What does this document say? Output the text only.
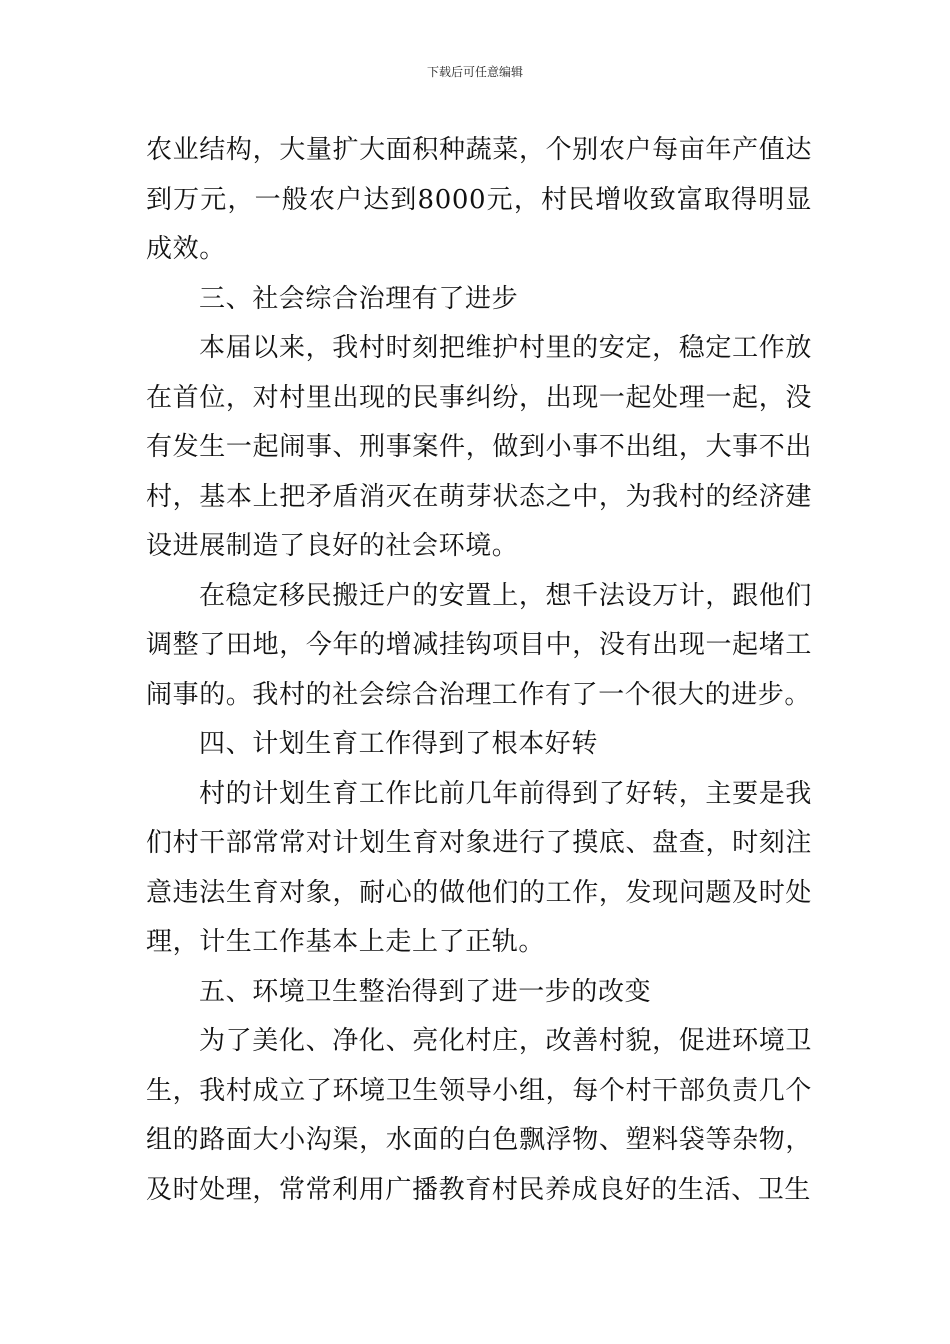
下载后可任意编辑

农业结构，大量扩大面积种蔬菜，个别农户每亩年产值达到万元，一般农户达到8000元，村民增收致富取得明显成效。

三、社会综合治理有了进步

本届以来，我村时刻把维护村里的安定，稳定工作放在首位，对村里出现的民事纠纷，出现一起处理一起，没有发生一起闹事、刑事案件，做到小事不出组，大事不出村，基本上把矛盾消灭在萌芽状态之中，为我村的经济建设进展制造了良好的社会环境。

在稳定移民搬迁户的安置上，想千法设万计，跟他们调整了田地，今年的增减挂钩项目中，没有出现一起堵工闹事的。我村的社会综合治理工作有了一个很大的进步。

四、计划生育工作得到了根本好转

村的计划生育工作比前几年前得到了好转，主要是我们村干部常常对计划生育对象进行了摸底、盘查，时刻注意违法生育对象，耐心的做他们的工作，发现问题及时处理，计生工作基本上走上了正轨。

五、环境卫生整治得到了进一步的改变

为了美化、净化、亮化村庄，改善村貌，促进环境卫生，我村成立了环境卫生领导小组，每个村干部负责几个组的路面大小沟渠，水面的白色飘浮物、塑料袋等杂物，及时处理，常常利用广播教育村民养成良好的生活、卫生
